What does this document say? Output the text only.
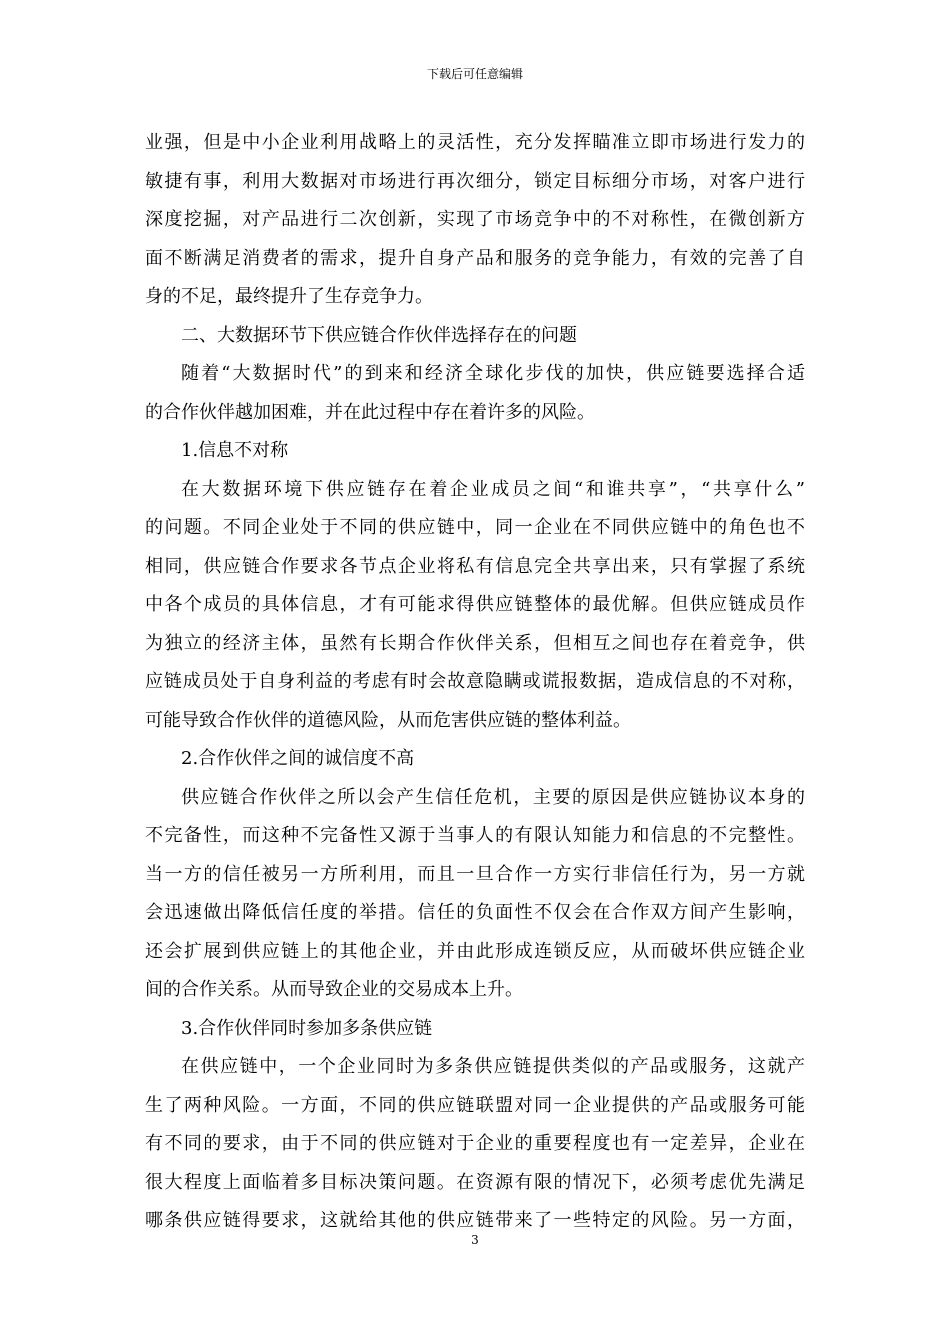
下载后可任意编辑
业强，但是中小企业利用战略上的灵活性，充分发挥瞄准立即市场进行发力的
敏捷有事，利用大数据对市场进行再次细分，锁定目标细分市场，对客户进行
深度挖掘，对产品进行二次创新，实现了市场竞争中的不对称性，在微创新方
面不断满足消费者的需求，提升自身产品和服务的竞争能力，有效的完善了自
身的不足，最终提升了生存竞争力。
二、大数据环节下供应链合作伙伴选择存在的问题
随着“大数据时代”的到来和经济全球化步伐的加快，供应链要选择合适
的合作伙伴越加困难，并在此过程中存在着许多的风险。
1.信息不对称
在大数据环境下供应链存在着企业成员之间“和谁共享”，“共享什么”
的问题。不同企业处于不同的供应链中，同一企业在不同供应链中的角色也不
相同，供应链合作要求各节点企业将私有信息完全共享出来，只有掌握了系统
中各个成员的具体信息，才有可能求得供应链整体的最优解。但供应链成员作
为独立的经济主体，虽然有长期合作伙伴关系，但相互之间也存在着竞争，供
应链成员处于自身利益的考虑有时会故意隐瞒或谎报数据，造成信息的不对称，
可能导致合作伙伴的道德风险，从而危害供应链的整体利益。
2.合作伙伴之间的诚信度不高
供应链合作伙伴之所以会产生信任危机，主要的原因是供应链协议本身的
不完备性，而这种不完备性又源于当事人的有限认知能力和信息的不完整性。
当一方的信任被另一方所利用，而且一旦合作一方实行非信任行为，另一方就
会迅速做出降低信任度的举措。信任的负面性不仅会在合作双方间产生影响，
还会扩展到供应链上的其他企业，并由此形成连锁反应，从而破坏供应链企业
间的合作关系。从而导致企业的交易成本上升。
3.合作伙伴同时参加多条供应链
在供应链中，一个企业同时为多条供应链提供类似的产品或服务，这就产
生了两种风险。一方面，不同的供应链联盟对同一企业提供的产品或服务可能
有不同的要求，由于不同的供应链对于企业的重要程度也有一定差异，企业在
很大程度上面临着多目标决策问题。在资源有限的情况下，必须考虑优先满足
哪条供应链得要求，这就给其他的供应链带来了一些特定的风险。另一方面，
3
